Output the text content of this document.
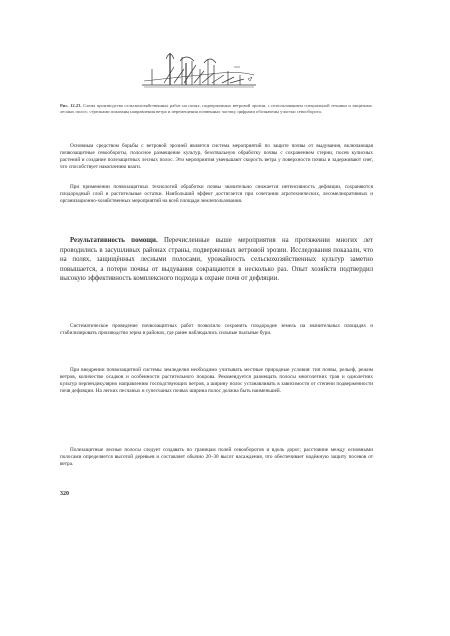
Рис. 12.23. Схема производства сельскохозяйственных работ на полях, подверженных ветровой эрозии, с использованием специальной техники и защитных лесных полос; стрелками показаны направления ветра и перемещения почвенных частиц; цифрами обозначены участки севооборота.

Основным средством борьбы с ветровой эрозией является система мероприятий по защите почвы от выдувания, включающая почвозащитные севообороты, полосное размещение культур, безотвальную обработку почвы с сохранением стерни, посев кулисных растений и создание полезащитных лесных полос. Эти мероприятия уменьшают скорость ветра у поверхности почвы и задерживают снег, что способствует накоплению влаги.

При применении почвозащитных технологий обработки почвы значительно снижается интенсивность дефляции, сохраняются плодородный слой и растительные остатки. Наибольший эффект достигается при сочетании агротехнических, лесомелиоративных и организационно-хозяйственных мероприятий на всей площади землепользования.

Результативность помощи. Перечисленные выше мероприятия на протяжении многих лет проводились в засушливых районах страны, подверженных ветровой эрозии. Исследования показали, что на полях, защищённых лесными полосами, урожайность сельскохозяйственных культур заметно повышается, а потери почвы от выдувания сокращаются в несколько раз. Опыт хозяйств подтвердил высокую эффективность комплексного подхода к охране почв от дефляции.

Систематическое проведение почвозащитных работ позволило сохранить плодородие земель на значительных площадях и стабилизировать производство зерна в районах, где ранее наблюдались сильные пыльные бури.

При внедрении почвозащитной системы земледелия необходимо учитывать местные природные условия: тип почвы, рельеф, режим ветров, количество осадков и особенности растительного покрова. Рекомендуется размещать полосы многолетних трав и однолетних культур перпендикулярно направлению господствующих ветров, а ширину полос устанавливать в зависимости от степени подверженности почв дефляции. На легких песчаных и супесчаных почвах ширина полос должна быть наименьшей.

Полезащитные лесные полосы следует создавать по границам полей севооборотов и вдоль дорог; расстояние между основными полосами определяется высотой деревьев и составляет обычно 20–30 высот насаждения, что обеспечивает надёжную защиту посевов от ветра.

320
